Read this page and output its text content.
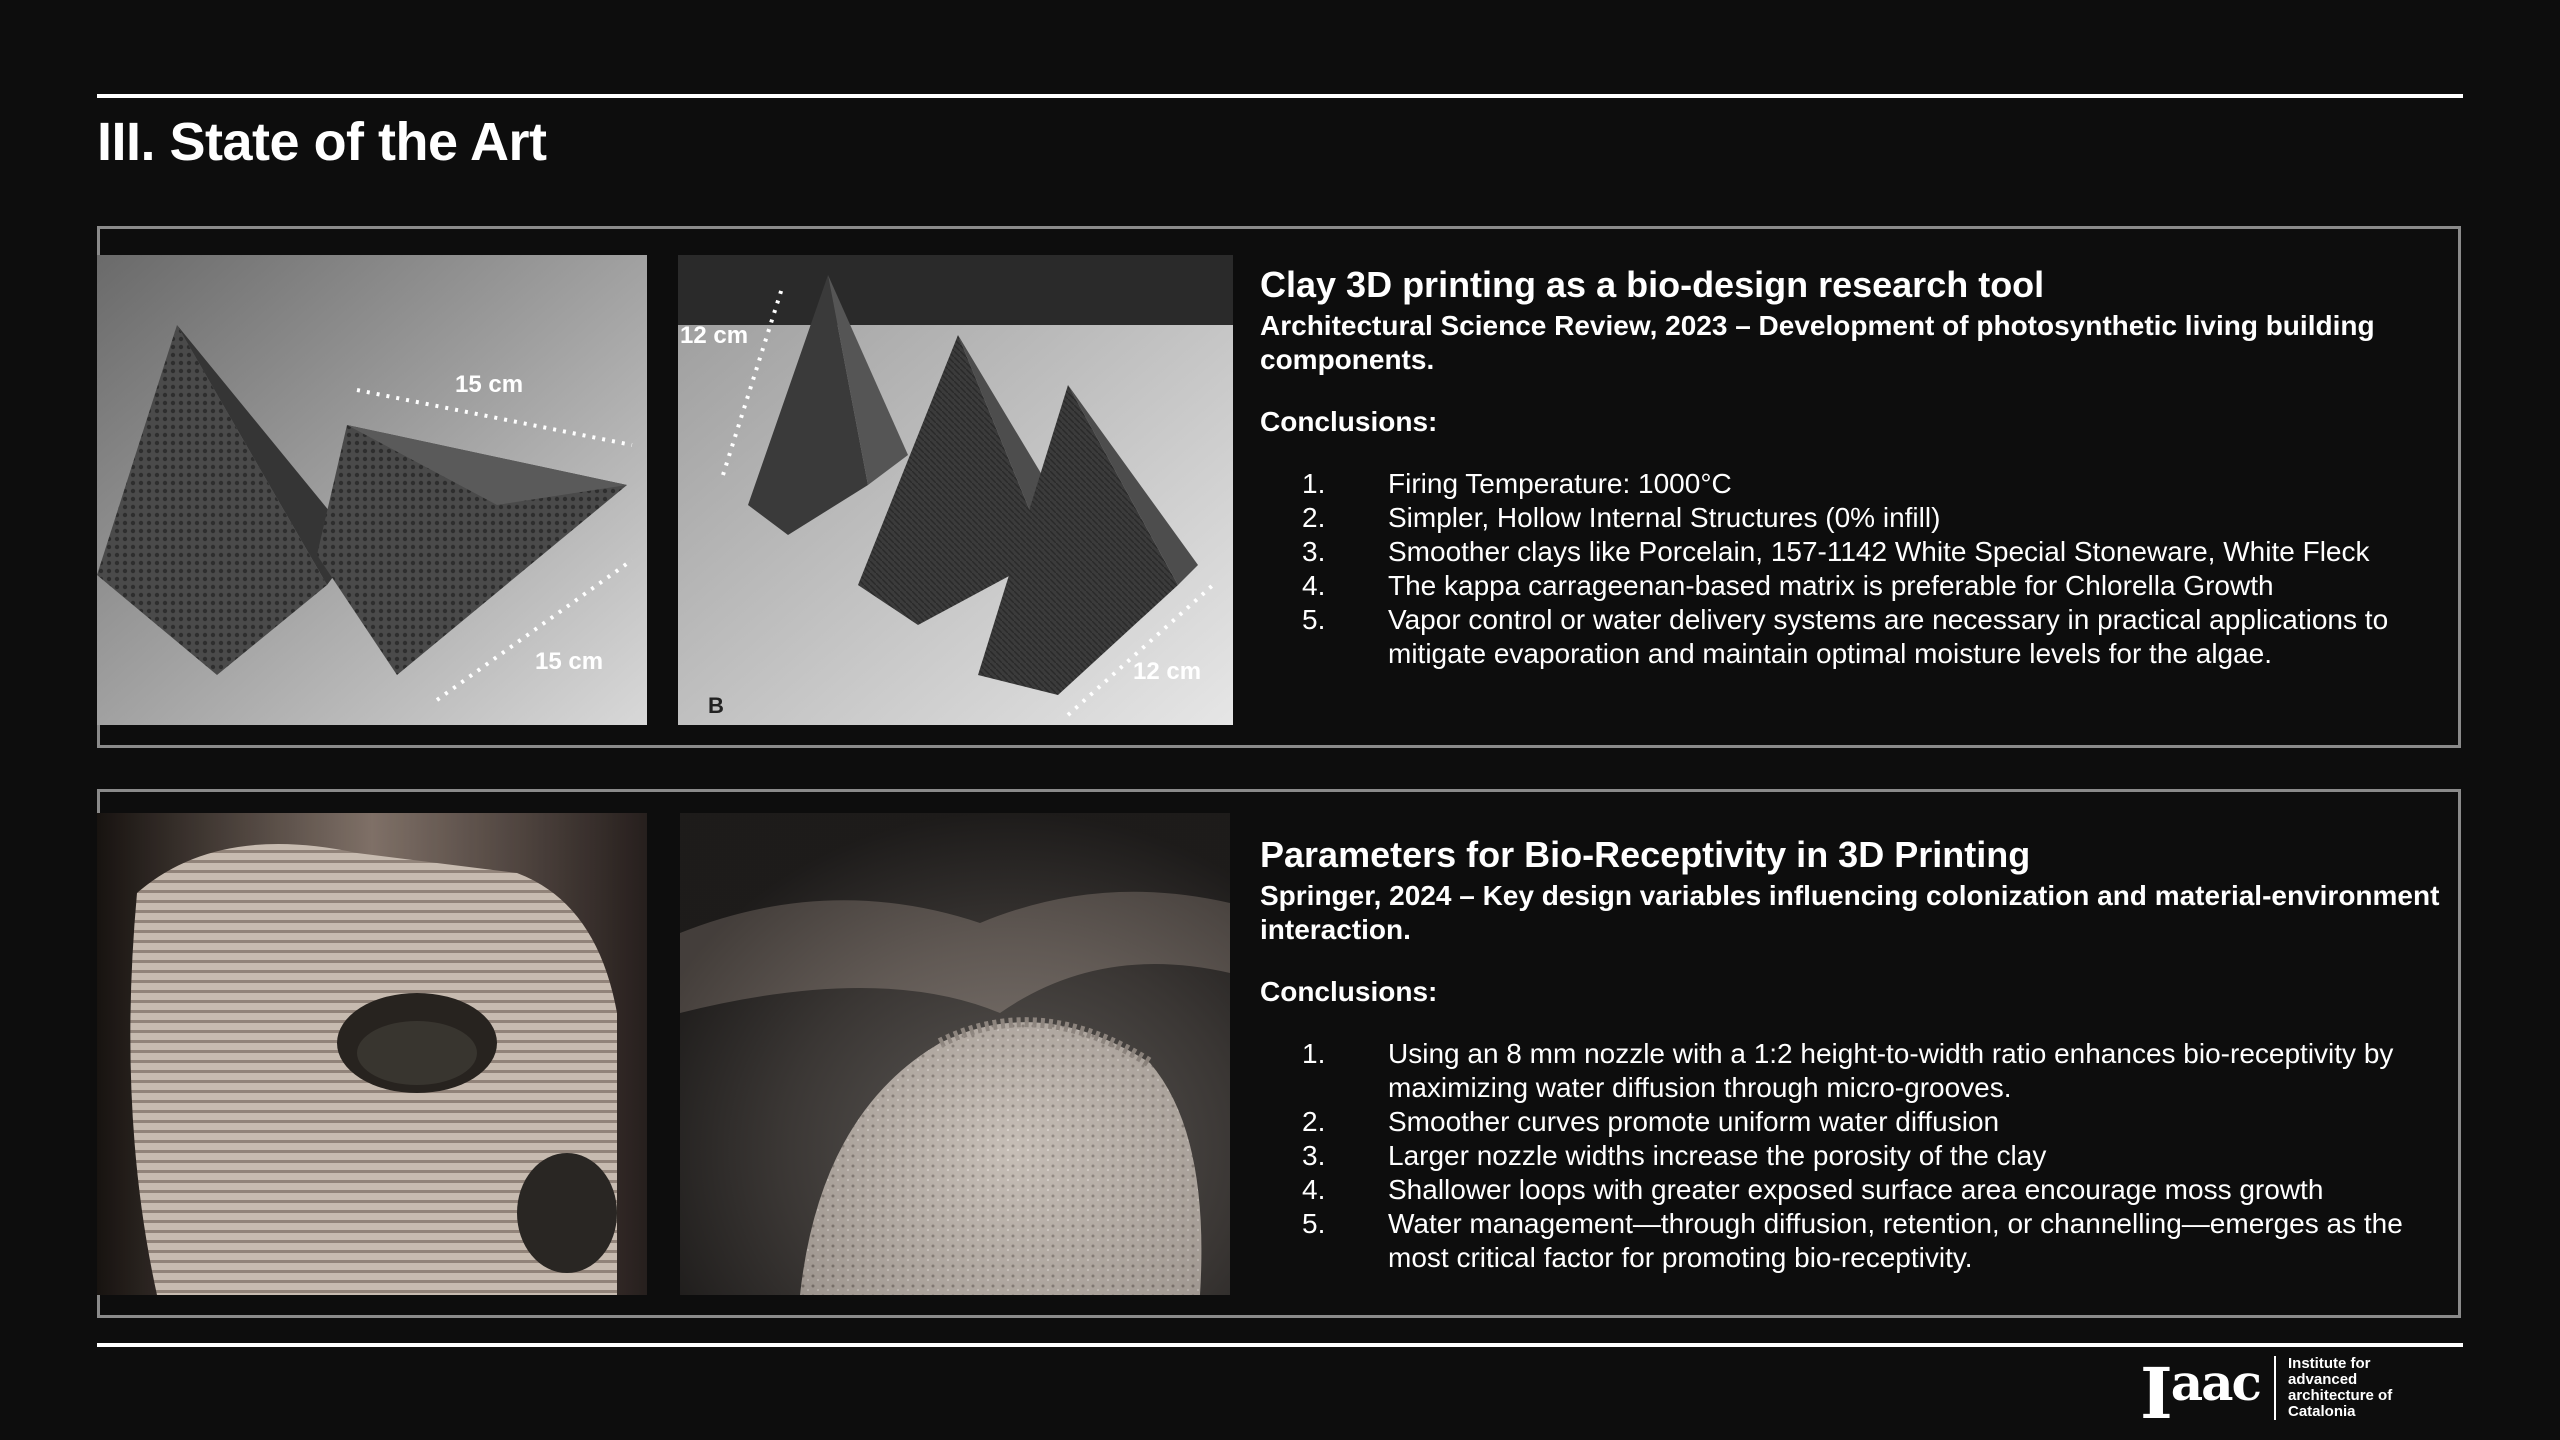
III. State of the Art
15 cm
15 cm
12 cm
12 cm
B
Clay 3D printing as a bio-design research tool
Architectural Science Review, 2023 – Development of photosynthetic living building components.
Conclusions:
1.	Firing Temperature: 1000°C
2.	Simpler, Hollow Internal Structures (0% infill)
3.	Smoother clays like Porcelain, 157-1142 White Special Stoneware, White Fleck
4.	The kappa carrageenan-based matrix is preferable for Chlorella Growth
5.	Vapor control or water delivery systems are necessary in practical applications to mitigate evaporation and maintain optimal moisture levels for the algae.
Parameters for Bio-Receptivity in 3D Printing
Springer, 2024 – Key design variables influencing colonization and material-environment interaction.
Conclusions:
1.	Using an 8 mm nozzle with a 1:2 height-to-width ratio enhances bio-receptivity by maximizing water diffusion through micro-grooves.
2.	Smoother curves promote uniform water diffusion
3.	Larger nozzle widths increase the porosity of the clay
4.	Shallower loops with greater exposed surface area encourage moss growth
5.	Water management—through diffusion, retention, or channelling—emerges as the most critical factor for promoting bio-receptivity.
$I^{aac}$ Institute for advanced architecture of Catalonia
